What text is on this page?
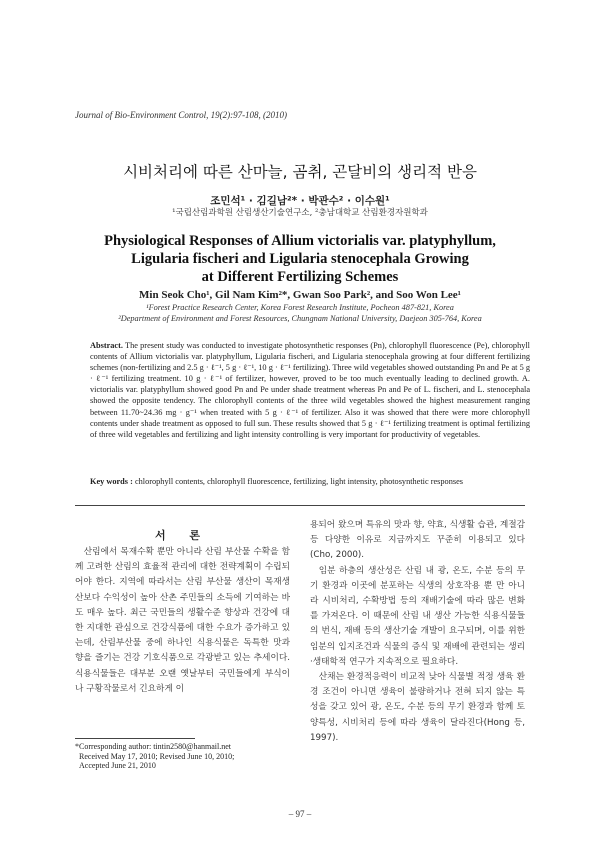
Journal of Bio-Environment Control, 19(2):97-108, (2010)
시비처리에 따른 산마늘, 곰취, 곤달비의 생리적 반응
조민석¹ · 김길남²* · 박관수² · 이수원¹
¹국립산림과학원 산림생산기술연구소, ²충남대학교 산림환경자원학과
Physiological Responses of Allium victorialis var. platyphyllum,
Ligularia fischeri and Ligularia stenocephala Growing
at Different Fertilizing Schemes
Min Seok Cho¹, Gil Nam Kim²*, Gwan Soo Park², and Soo Won Lee¹
¹Forest Practice Research Center, Korea Forest Research Institute, Pocheon 487-821, Korea
²Department of Environment and Forest Resources, Chungnam National University, Daejeon 305-764, Korea
Abstract. The present study was conducted to investigate photosynthetic responses (Pn), chlorophyll fluorescence (Pe), chlorophyll contents of Allium victorialis var. platyphyllum, Ligularia fischeri, and Ligularia stenocephala growing at four different fertilizing schemes (non-fertilizing and 2.5 g · ℓ⁻¹, 5 g · ℓ⁻¹, 10 g · ℓ⁻¹ fertilizing). Three wild vegetables showed outstanding Pn and Pe at 5 g · ℓ⁻¹ fertilizing treatment. 10 g · ℓ⁻¹ of fertilizer, however, proved to be too much eventually leading to declined growth. A. victorialis var. platyphyllum showed good Pn and Pe under shade treatment whereas Pn and Pe of L. fischeri, and L. stenocephala showed the opposite tendency. The chlorophyll contents of the three wild vegetables showed the highest measurement ranging between 11.70~24.36 mg · g⁻¹ when treated with 5 g · ℓ⁻¹ of fertilizer. Also it was showed that there were more chlorophyll contents under shade treatment as opposed to full sun. These results showed that 5 g · ℓ⁻¹ fertilizing treatment is optimal fertilizing of three wild vegetables and fertilizing and light intensity controlling is very important for productivity of vegetables.
Key words : chlorophyll contents, chlorophyll fluorescence, fertilizing, light intensity, photosynthetic responses
서 론

산림에서 목재수확 뿐만 아니라 산림 부산물 수확을 함께 고려한 산림의 효율적 관리에 대한 전략계획이 수립되어야 한다. 지역에 따라서는 산림 부산물 생산이 목재생산보다 수익성이 높아 산촌 주민들의 소득에 기여하는 바도 매우 높다. 최근 국민들의 생활수준 향상과 건강에 대한 지대한 관심으로 건강식품에 대한 수요가 증가하고 있는데, 산림부산물 중에 하나인 식용식물은 독특한 맛과 향을 즐기는 건강 기호식품으로 각광받고 있는 추세이다. 식용식물들은 대부분 오랜 옛날부터 국민들에게 부식이나 구황작물로서 긴요하게 이

용되어 왔으며 특유의 맛과 향, 약효, 식생활 습관, 계절감 등 다양한 이유로 지금까지도 꾸준히 이용되고 있다(Cho, 2000).

임분 하층의 생산성은 산림 내 광, 온도, 수분 등의 무기 환경과 이곳에 분포하는 식생의 상호작용 뿐 만 아니라 시비처리, 수확방법 등의 재배기술에 따라 많은 변화를 가져온다. 이 때문에 산림 내 생산 가능한 식용식물들의 번식, 재배 등의 생산기술 개발이 요구되며, 이를 위한 임분의 입지조건과 식물의 증식 및 재배에 관련되는 생리·생태학적 연구가 지속적으로 필요하다.

산채는 환경적응력이 비교적 낮아 식물별 적정 생육 환경 조건이 아니면 생육이 불량하거나 전혀 되지 않는 특성을 갖고 있어 광, 온도, 수분 등의 무기 환경과 함께 토양특성, 시비처리 등에 따라 생육이 달라진다(Hong 등, 1997).

*Corresponding author: tintin2580@hanmail.net
Received May 17, 2010; Revised June 10, 2010;
Accepted June 21, 2010
– 97 –
